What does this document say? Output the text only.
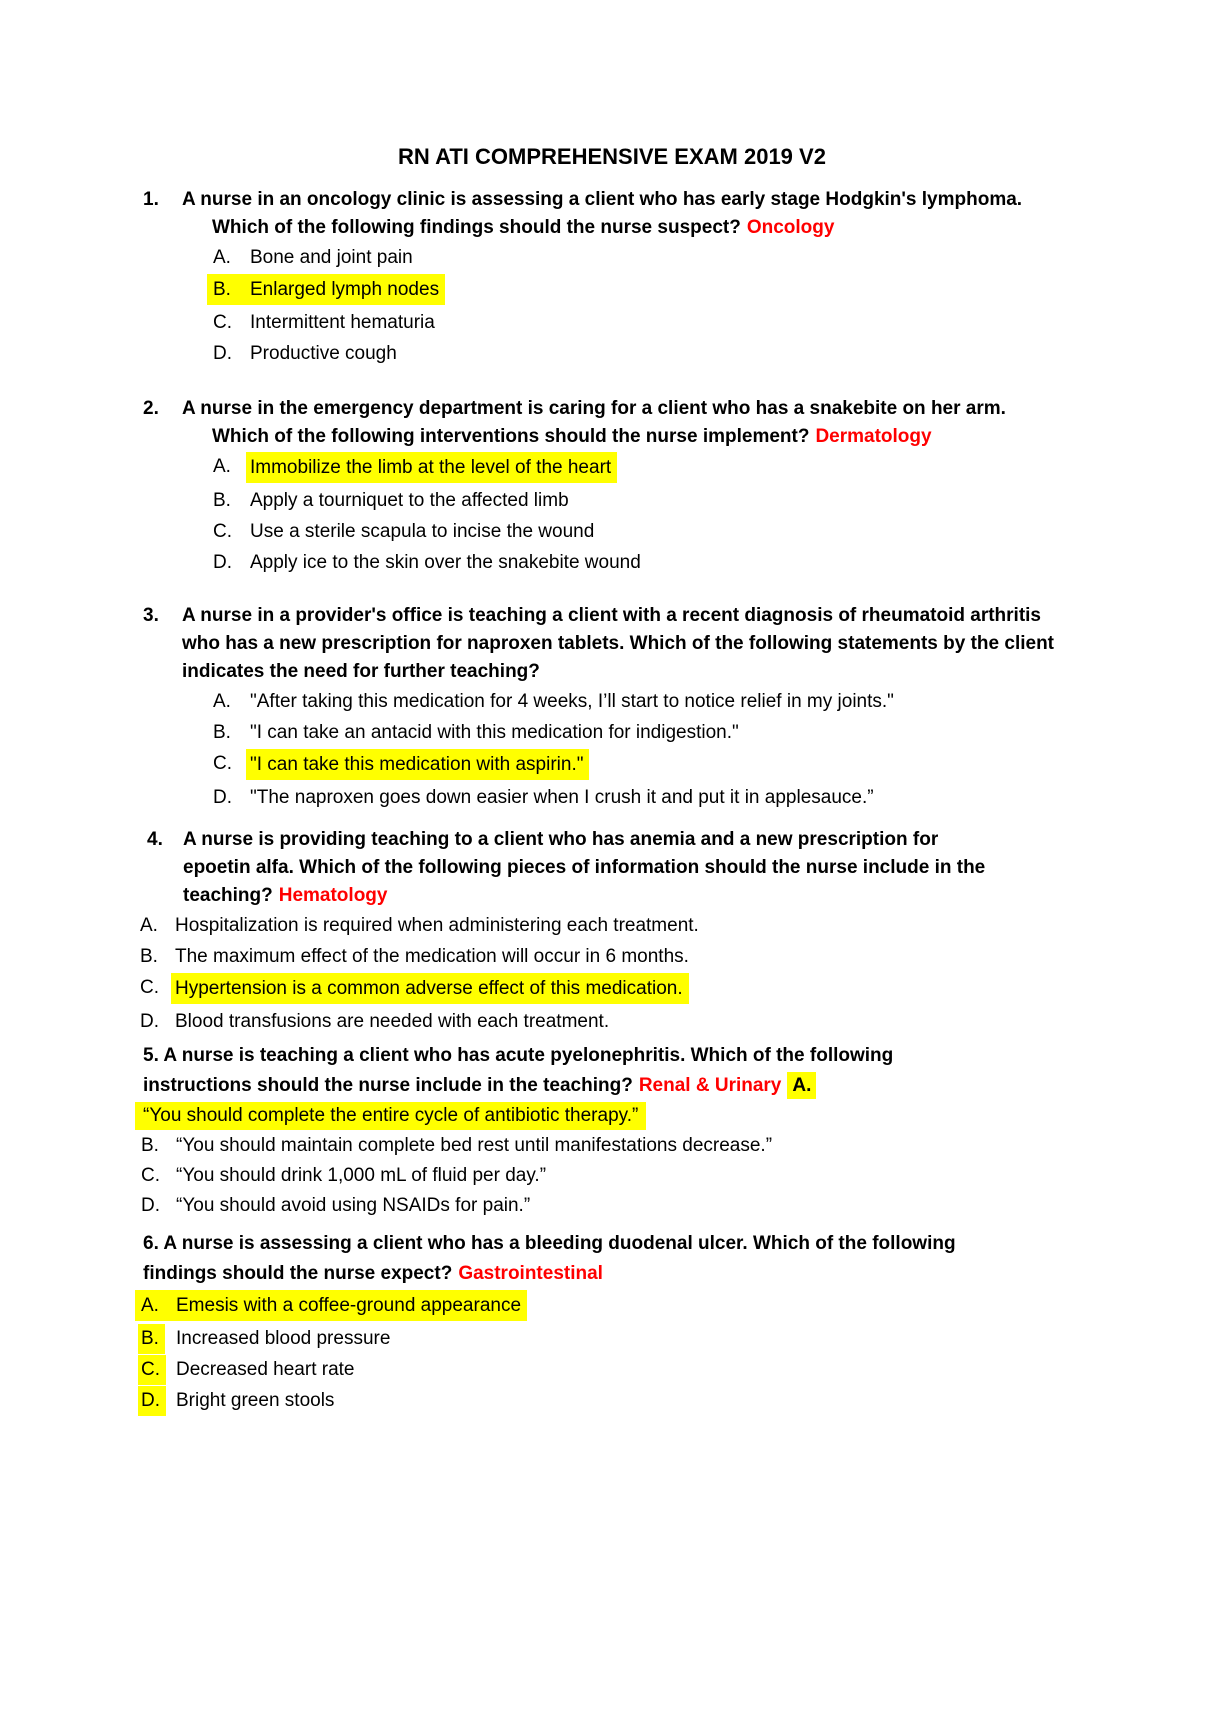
RN ATI COMPREHENSIVE EXAM 2019 V2
1.	A nurse in an oncology clinic is assessing a client who has early stage Hodgkin's lymphoma.
Which of the following findings should the nurse suspect? Oncology
A.	Bone and joint pain
B.	Enlarged lymph nodes
C. Intermittent hematuria
D. Productive cough
2.	A nurse in the emergency department is caring for a client who has a snakebite on her arm.
Which of the following interventions should the nurse implement? Dermatology
A.	Immobilize the limb at the level of the heart
B.	Apply a tourniquet to the affected limb
C. Use a sterile scapula to incise the wound
D. Apply ice to the skin over the snakebite wound
3.	A nurse in a provider's office is teaching a client with a recent diagnosis of rheumatoid arthritis
who has a new prescription for naproxen tablets. Which of the following statements by the client
indicates the need for further teaching?
A.	"After taking this medication for 4 weeks, I’ll start to notice relief in my joints."
B.	"I can take an antacid with this medication for indigestion."
C. "I can take this medication with aspirin."
D. "The naproxen goes down easier when I crush it and put it in applesauce.”
4.	A nurse is providing teaching to a client who has anemia and a new prescription for
epoetin alfa. Which of the following pieces of information should the nurse include in the
teaching? Hematology
A. Hospitalization is required when administering each treatment.
B. The maximum effect of the medication will occur in 6 months.
C. Hypertension is a common adverse effect of this medication.
D. Blood transfusions are needed with each treatment.
5. A nurse is teaching a client who has acute pyelonephritis. Which of the following
instructions should the nurse include in the teaching? Renal & Urinary A.
“You should complete the entire cycle of antibiotic therapy.”
B. “You should maintain complete bed rest until manifestations decrease.”
C. “You should drink 1,000 mL of fluid per day.”
D. “You should avoid using NSAIDs for pain.”
6. A nurse is assessing a client who has a bleeding duodenal ulcer. Which of the following
findings should the nurse expect? Gastrointestinal
A. Emesis with a coffee-ground appearance
B. Increased blood pressure
C. Decreased heart rate
D. Bright green stools
